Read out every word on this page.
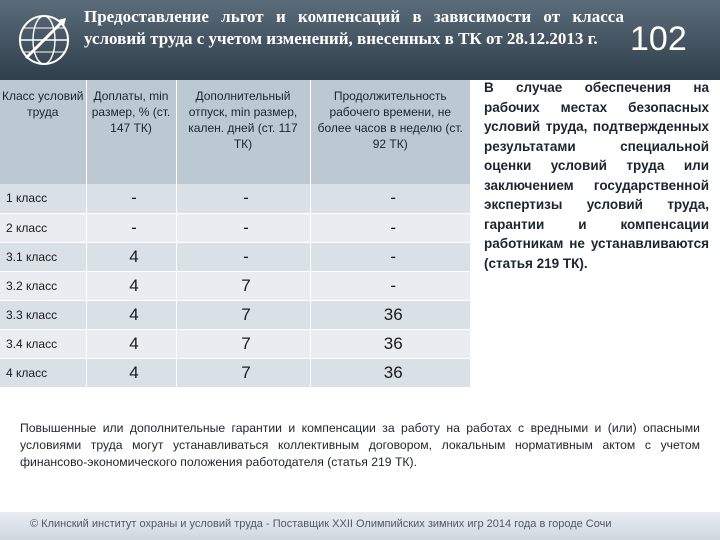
Предоставление льгот и компенсаций в зависимости от класса условий труда с учетом изменений, внесенных в ТК от 28.12.2013 г. 102
Класс условий труда	Доплаты, min размер, % (ст. 147 ТК)	Дополнительный отпуск, min размер, кален. дней (ст. 117 ТК)	Продолжительность рабочего времени, не более часов в неделю (ст. 92 ТК)
1 класс	-	-	-
2 класс	-	-	-
3.1 класс	4	-	-
3.2 класс	4	7	-
3.3 класс	4	7	36
3.4 класс	4	7	36
4 класс	4	7	36
В случае обеспечения на рабочих местах безопасных условий труда, подтвержденных результатами специальной оценки условий труда или заключением государственной экспертизы условий труда, гарантии и компенсации работникам не устанавливаются (статья 219 ТК).
Повышенные или дополнительные гарантии и компенсации за работу на работах с вредными и (или) опасными условиями труда могут устанавливаться коллективным договором, локальным нормативным актом с учетом финансово-экономического положения работодателя (статья 219 ТК).
© Клинский институт охраны и условий труда - Поставщик XXII Олимпийских зимних игр 2014 года в городе Сочи
